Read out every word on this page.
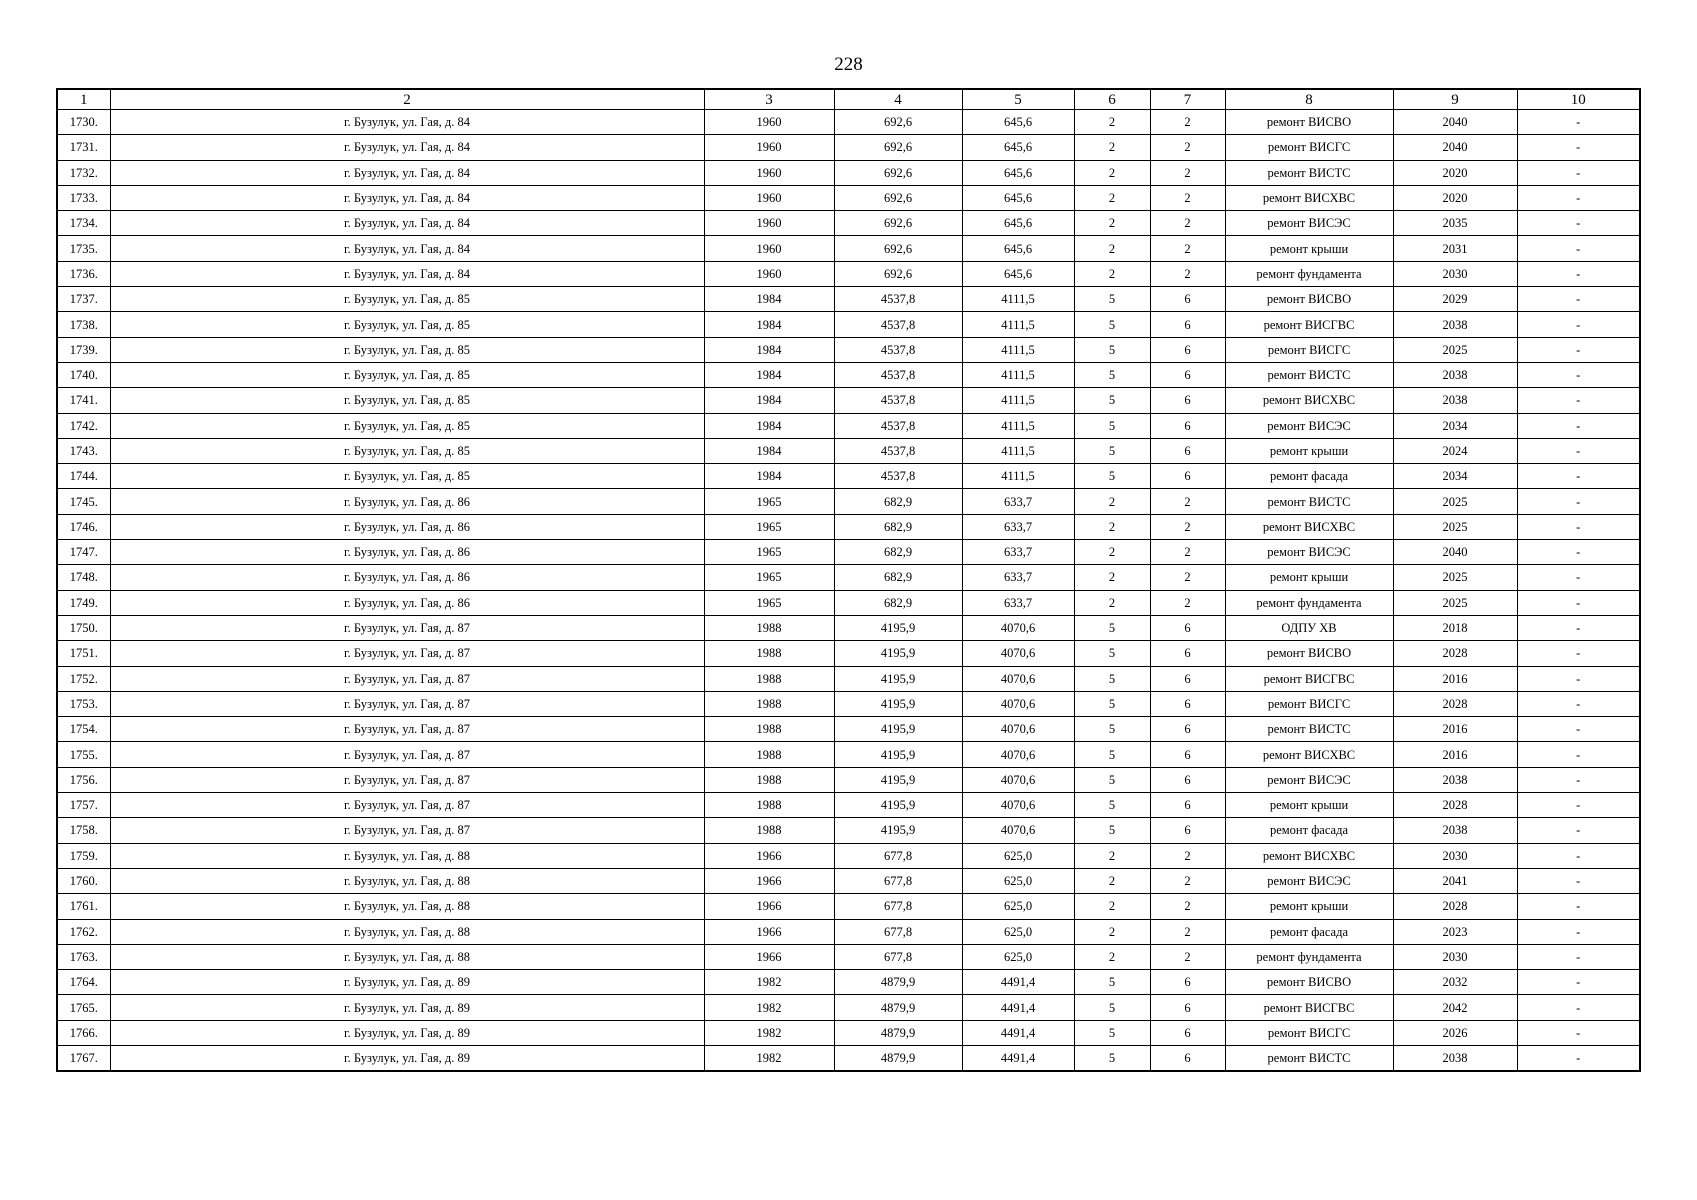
228
1	2	3	4	5	6	7	8	9	10
1730.	г. Бузулук, ул. Гая, д. 84	1960	692,6	645,6	2	2	ремонт ВИСВО	2040	-
1731.	г. Бузулук, ул. Гая, д. 84	1960	692,6	645,6	2	2	ремонт ВИСГС	2040	-
1732.	г. Бузулук, ул. Гая, д. 84	1960	692,6	645,6	2	2	ремонт ВИСТС	2020	-
1733.	г. Бузулук, ул. Гая, д. 84	1960	692,6	645,6	2	2	ремонт ВИСХВС	2020	-
1734.	г. Бузулук, ул. Гая, д. 84	1960	692,6	645,6	2	2	ремонт ВИСЭС	2035	-
1735.	г. Бузулук, ул. Гая, д. 84	1960	692,6	645,6	2	2	ремонт крыши	2031	-
1736.	г. Бузулук, ул. Гая, д. 84	1960	692,6	645,6	2	2	ремонт фундамента	2030	-
1737.	г. Бузулук, ул. Гая, д. 85	1984	4537,8	4111,5	5	6	ремонт ВИСВО	2029	-
1738.	г. Бузулук, ул. Гая, д. 85	1984	4537,8	4111,5	5	6	ремонт ВИСГВС	2038	-
1739.	г. Бузулук, ул. Гая, д. 85	1984	4537,8	4111,5	5	6	ремонт ВИСГС	2025	-
1740.	г. Бузулук, ул. Гая, д. 85	1984	4537,8	4111,5	5	6	ремонт ВИСТС	2038	-
1741.	г. Бузулук, ул. Гая, д. 85	1984	4537,8	4111,5	5	6	ремонт ВИСХВС	2038	-
1742.	г. Бузулук, ул. Гая, д. 85	1984	4537,8	4111,5	5	6	ремонт ВИСЭС	2034	-
1743.	г. Бузулук, ул. Гая, д. 85	1984	4537,8	4111,5	5	6	ремонт крыши	2024	-
1744.	г. Бузулук, ул. Гая, д. 85	1984	4537,8	4111,5	5	6	ремонт фасада	2034	-
1745.	г. Бузулук, ул. Гая, д. 86	1965	682,9	633,7	2	2	ремонт ВИСТС	2025	-
1746.	г. Бузулук, ул. Гая, д. 86	1965	682,9	633,7	2	2	ремонт ВИСХВС	2025	-
1747.	г. Бузулук, ул. Гая, д. 86	1965	682,9	633,7	2	2	ремонт ВИСЭС	2040	-
1748.	г. Бузулук, ул. Гая, д. 86	1965	682,9	633,7	2	2	ремонт крыши	2025	-
1749.	г. Бузулук, ул. Гая, д. 86	1965	682,9	633,7	2	2	ремонт фундамента	2025	-
1750.	г. Бузулук, ул. Гая, д. 87	1988	4195,9	4070,6	5	6	ОДПУ ХВ	2018	-
1751.	г. Бузулук, ул. Гая, д. 87	1988	4195,9	4070,6	5	6	ремонт ВИСВО	2028	-
1752.	г. Бузулук, ул. Гая, д. 87	1988	4195,9	4070,6	5	6	ремонт ВИСГВС	2016	-
1753.	г. Бузулук, ул. Гая, д. 87	1988	4195,9	4070,6	5	6	ремонт ВИСГС	2028	-
1754.	г. Бузулук, ул. Гая, д. 87	1988	4195,9	4070,6	5	6	ремонт ВИСТС	2016	-
1755.	г. Бузулук, ул. Гая, д. 87	1988	4195,9	4070,6	5	6	ремонт ВИСХВС	2016	-
1756.	г. Бузулук, ул. Гая, д. 87	1988	4195,9	4070,6	5	6	ремонт ВИСЭС	2038	-
1757.	г. Бузулук, ул. Гая, д. 87	1988	4195,9	4070,6	5	6	ремонт крыши	2028	-
1758.	г. Бузулук, ул. Гая, д. 87	1988	4195,9	4070,6	5	6	ремонт фасада	2038	-
1759.	г. Бузулук, ул. Гая, д. 88	1966	677,8	625,0	2	2	ремонт ВИСХВС	2030	-
1760.	г. Бузулук, ул. Гая, д. 88	1966	677,8	625,0	2	2	ремонт ВИСЭС	2041	-
1761.	г. Бузулук, ул. Гая, д. 88	1966	677,8	625,0	2	2	ремонт крыши	2028	-
1762.	г. Бузулук, ул. Гая, д. 88	1966	677,8	625,0	2	2	ремонт фасада	2023	-
1763.	г. Бузулук, ул. Гая, д. 88	1966	677,8	625,0	2	2	ремонт фундамента	2030	-
1764.	г. Бузулук, ул. Гая, д. 89	1982	4879,9	4491,4	5	6	ремонт ВИСВО	2032	-
1765.	г. Бузулук, ул. Гая, д. 89	1982	4879,9	4491,4	5	6	ремонт ВИСГВС	2042	-
1766.	г. Бузулук, ул. Гая, д. 89	1982	4879,9	4491,4	5	6	ремонт ВИСГС	2026	-
1767.	г. Бузулук, ул. Гая, д. 89	1982	4879,9	4491,4	5	6	ремонт ВИСТС	2038	-
